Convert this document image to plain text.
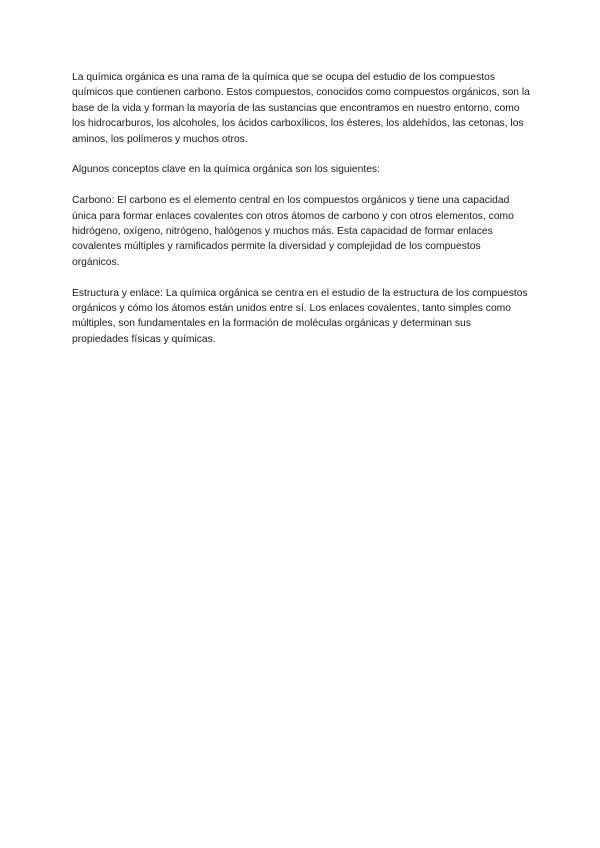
La química orgánica es una rama de la química que se ocupa del estudio de los compuestos químicos que contienen carbono. Estos compuestos, conocidos como compuestos orgánicos, son la base de la vida y forman la mayoría de las sustancias que encontramos en nuestro entorno, como los hidrocarburos, los alcoholes, los ácidos carboxílicos, los ésteres, los aldehídos, las cetonas, los aminos, los polímeros y muchos otros.

Algunos conceptos clave en la química orgánica son los siguientes:

Carbono: El carbono es el elemento central en los compuestos orgánicos y tiene una capacidad única para formar enlaces covalentes con otros átomos de carbono y con otros elementos, como hidrógeno, oxígeno, nitrógeno, halógenos y muchos más. Esta capacidad de formar enlaces covalentes múltiples y ramificados permite la diversidad y complejidad de los compuestos orgánicos.

Estructura y enlace: La química orgánica se centra en el estudio de la estructura de los compuestos orgánicos y cómo los átomos están unidos entre sí. Los enlaces covalentes, tanto simples como múltiples, son fundamentales en la formación de moléculas orgánicas y determinan sus propiedades físicas y químicas.
